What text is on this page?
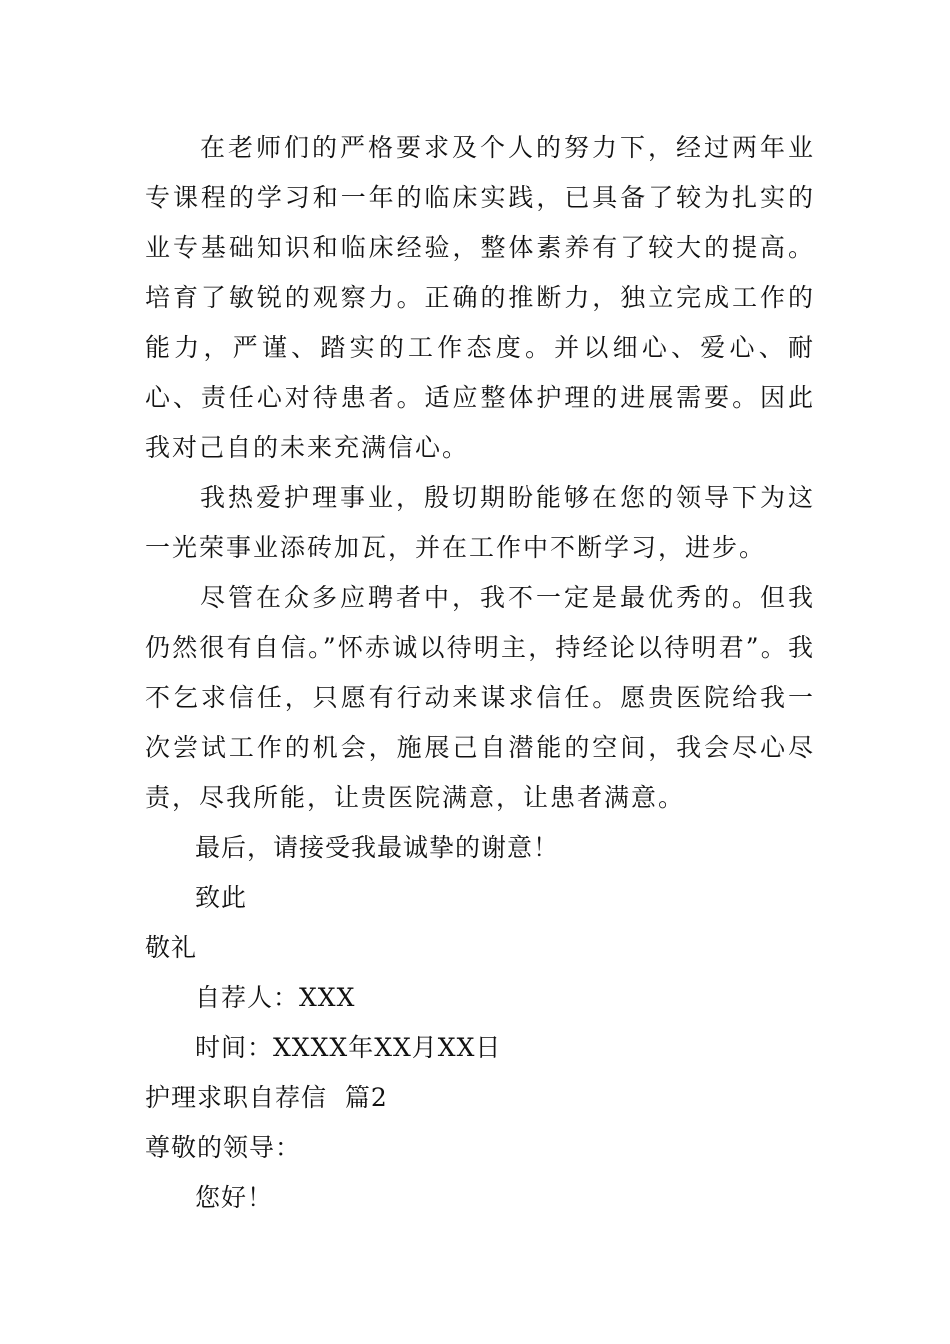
在老师们的严格要求及个人的努力下，经过两年业专课程的学习和一年的临床实践，已具备了较为扎实的业专基础知识和临床经验，整体素养有了较大的提高。培育了敏锐的观察力。正确的推断力，独立完成工作的能力，严谨、踏实的工作态度。并以细心、爱心、耐心、责任心对待患者。适应整体护理的进展需要。因此我对己自的未来充满信心。

我热爱护理事业，殷切期盼能够在您的领导下为这一光荣事业添砖加瓦，并在工作中不断学习，进步。

尽管在众多应聘者中，我不一定是最优秀的。但我仍然很有自信。”怀赤诚以待明主，持经论以待明君”。我不乞求信任，只愿有行动来谋求信任。愿贵医院给我一次尝试工作的机会，施展己自潜能的空间，我会尽心尽责，尽我所能，让贵医院满意，让患者满意。

最后，请接受我最诚挚的谢意！

致此

敬礼

自荐人：XXX

时间：XXXX年XX月XX日

护理求职自荐信  篇2

尊敬的领导：

您好！
